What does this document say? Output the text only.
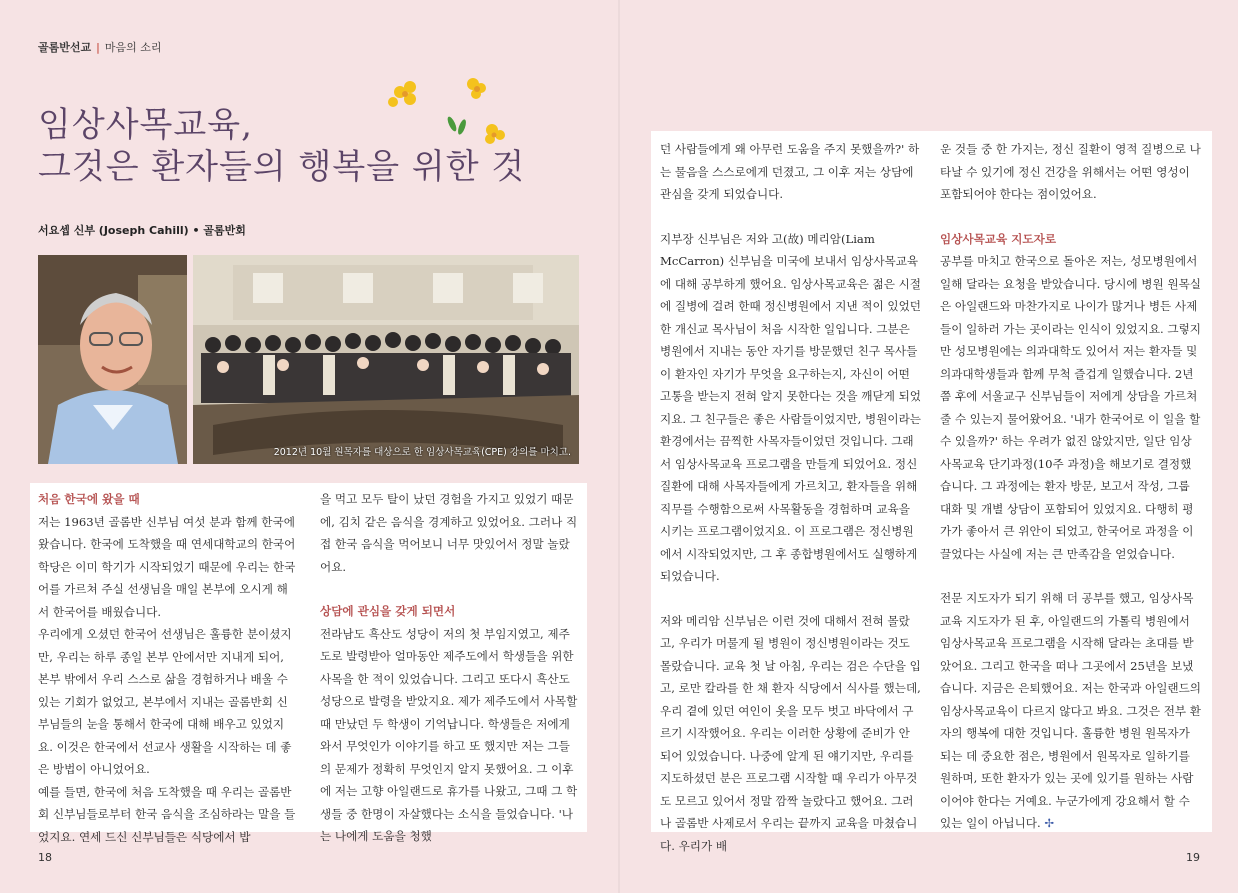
골롬반선교 | 마음의 소리
임상사목교육,
그것은 환자들의 행복을 위한 것
서요셉 신부 (Joseph Cahill) • 골롬반회
2012년 10월 원목자를 대상으로 한 임상사목교육(CPE) 강의를 마치고.

처음 한국에 왔을 때

저는 1963년 골롬반 신부님 여섯 분과 함께 한국에 왔습니다. 한국에 도착했을 때 연세대학교의 한국어학당은 이미 학기가 시작되었기 때문에 우리는 한국어를 가르쳐 주실 선생님을 매일 본부에 오시게 해서 한국어를 배웠습니다.

우리에게 오셨던 한국어 선생님은 훌륭한 분이셨지만, 우리는 하루 종일 본부 안에서만 지내게 되어, 본부 밖에서 우리 스스로 삶을 경험하거나 배울 수 있는 기회가 없었고, 본부에서 지내는 골롬반회 신부님들의 눈을 통해서 한국에 대해 배우고 있었지요. 이것은 한국에서 선교사 생활을 시작하는 데 좋은 방법이 아니었어요.

예를 들면, 한국에 처음 도착했을 때 우리는 골롬반회 신부님들로부터 한국 음식을 조심하라는 말을 들었지요. 연세 드신 신부님들은 식당에서 밥

을 먹고 모두 탈이 났던 경험을 가지고 있었기 때문에, 김치 같은 음식을 경계하고 있었어요. 그러나 직접 한국 음식을 먹어보니 너무 맛있어서 정말 놀랐어요.

상담에 관심을 갖게 되면서

전라남도 흑산도 성당이 저의 첫 부임지였고, 제주도로 발령받아 얼마동안 제주도에서 학생들을 위한 사목을 한 적이 있었습니다. 그리고 또다시 흑산도 성당으로 발령을 받았지요. 제가 제주도에서 사목할 때 만났던 두 학생이 기억납니다. 학생들은 저에게 와서 무엇인가 이야기를 하고 또 했지만 저는 그들의 문제가 정확히 무엇인지 알지 못했어요. 그 이후에 저는 고향 아일랜드로 휴가를 나왔고, 그때 그 학생들 중 한명이 자살했다는 소식을 들었습니다. '나는 나에게 도움을 청했

던 사람들에게 왜 아무런 도움을 주지 못했을까?' 하는 물음을 스스로에게 던졌고, 그 이후 저는 상담에 관심을 갖게 되었습니다.

지부장 신부님은 저와 고(故) 메리암(Liam McCarron) 신부님을 미국에 보내서 임상사목교육에 대해 공부하게 했어요. 임상사목교육은 젊은 시절에 질병에 걸려 한때 정신병원에서 지낸 적이 있었던 한 개신교 목사님이 처음 시작한 일입니다. 그분은 병원에서 지내는 동안 자기를 방문했던 친구 목사들이 환자인 자기가 무엇을 요구하는지, 자신이 어떤 고통을 받는지 전혀 알지 못한다는 것을 깨닫게 되었지요. 그 친구들은 좋은 사람들이었지만, 병원이라는 환경에서는 끔찍한 사목자들이었던 것입니다. 그래서 임상사목교육 프로그램을 만들게 되었어요. 정신 질환에 대해 사목자들에게 가르치고, 환자들을 위해 직무를 수행함으로써 사목활동을 경험하며 교육을 시키는 프로그램이었지요. 이 프로그램은 정신병원에서 시작되었지만, 그 후 종합병원에서도 실행하게 되었습니다.

저와 메리암 신부님은 이런 것에 대해서 전혀 몰랐고, 우리가 머물게 될 병원이 정신병원이라는 것도 몰랐습니다. 교육 첫 날 아침, 우리는 검은 수단을 입고, 로만 칼라를 한 채 환자 식당에서 식사를 했는데, 우리 곁에 있던 여인이 옷을 모두 벗고 바닥에서 구르기 시작했어요. 우리는 이러한 상황에 준비가 안 되어 있었습니다. 나중에 알게 된 얘기지만, 우리를 지도하셨던 분은 프로그램 시작할 때 우리가 아무것도 모르고 있어서 정말 깜짝 놀랐다고 했어요. 그러나 골롬반 사제로서 우리는 끝까지 교육을 마쳤습니다. 우리가 배

운 것들 중 한 가지는, 정신 질환이 영적 질병으로 나타날 수 있기에 정신 건강을 위해서는 어떤 영성이 포함되어야 한다는 점이었어요.

임상사목교육 지도자로

공부를 마치고 한국으로 돌아온 저는, 성모병원에서 일해 달라는 요청을 받았습니다. 당시에 병원 원목실은 아일랜드와 마찬가지로 나이가 많거나 병든 사제들이 일하러 가는 곳이라는 인식이 있었지요. 그렇지만 성모병원에는 의과대학도 있어서 저는 환자들 및 의과대학생들과 함께 무척 즐겁게 일했습니다. 2년쯤 후에 서울교구 신부님들이 저에게 상담을 가르쳐줄 수 있는지 물어왔어요. '내가 한국어로 이 일을 할 수 있을까?' 하는 우려가 없진 않았지만, 일단 임상사목교육 단기과정(10주 과정)을 해보기로 결정했습니다. 그 과정에는 환자 방문, 보고서 작성, 그룹 대화 및 개별 상담이 포함되어 있었지요. 다행히 평가가 좋아서 큰 위안이 되었고, 한국어로 과정을 이끌었다는 사실에 저는 큰 만족감을 얻었습니다.

전문 지도자가 되기 위해 더 공부를 했고, 임상사목교육 지도자가 된 후, 아일랜드의 가톨릭 병원에서 임상사목교육 프로그램을 시작해 달라는 초대를 받았어요. 그리고 한국을 떠나 그곳에서 25년을 보냈습니다. 지금은 은퇴했어요. 저는 한국과 아일랜드의 임상사목교육이 다르지 않다고 봐요. 그것은 전부 환자의 행복에 대한 것입니다. 훌륭한 병원 원목자가 되는 데 중요한 점은, 병원에서 원목자로 일하기를 원하며, 또한 환자가 있는 곳에 있기를 원하는 사람이어야 한다는 거예요. 누군가에게 강요해서 할 수 있는 일이 아닙니다. ✢

18	19
